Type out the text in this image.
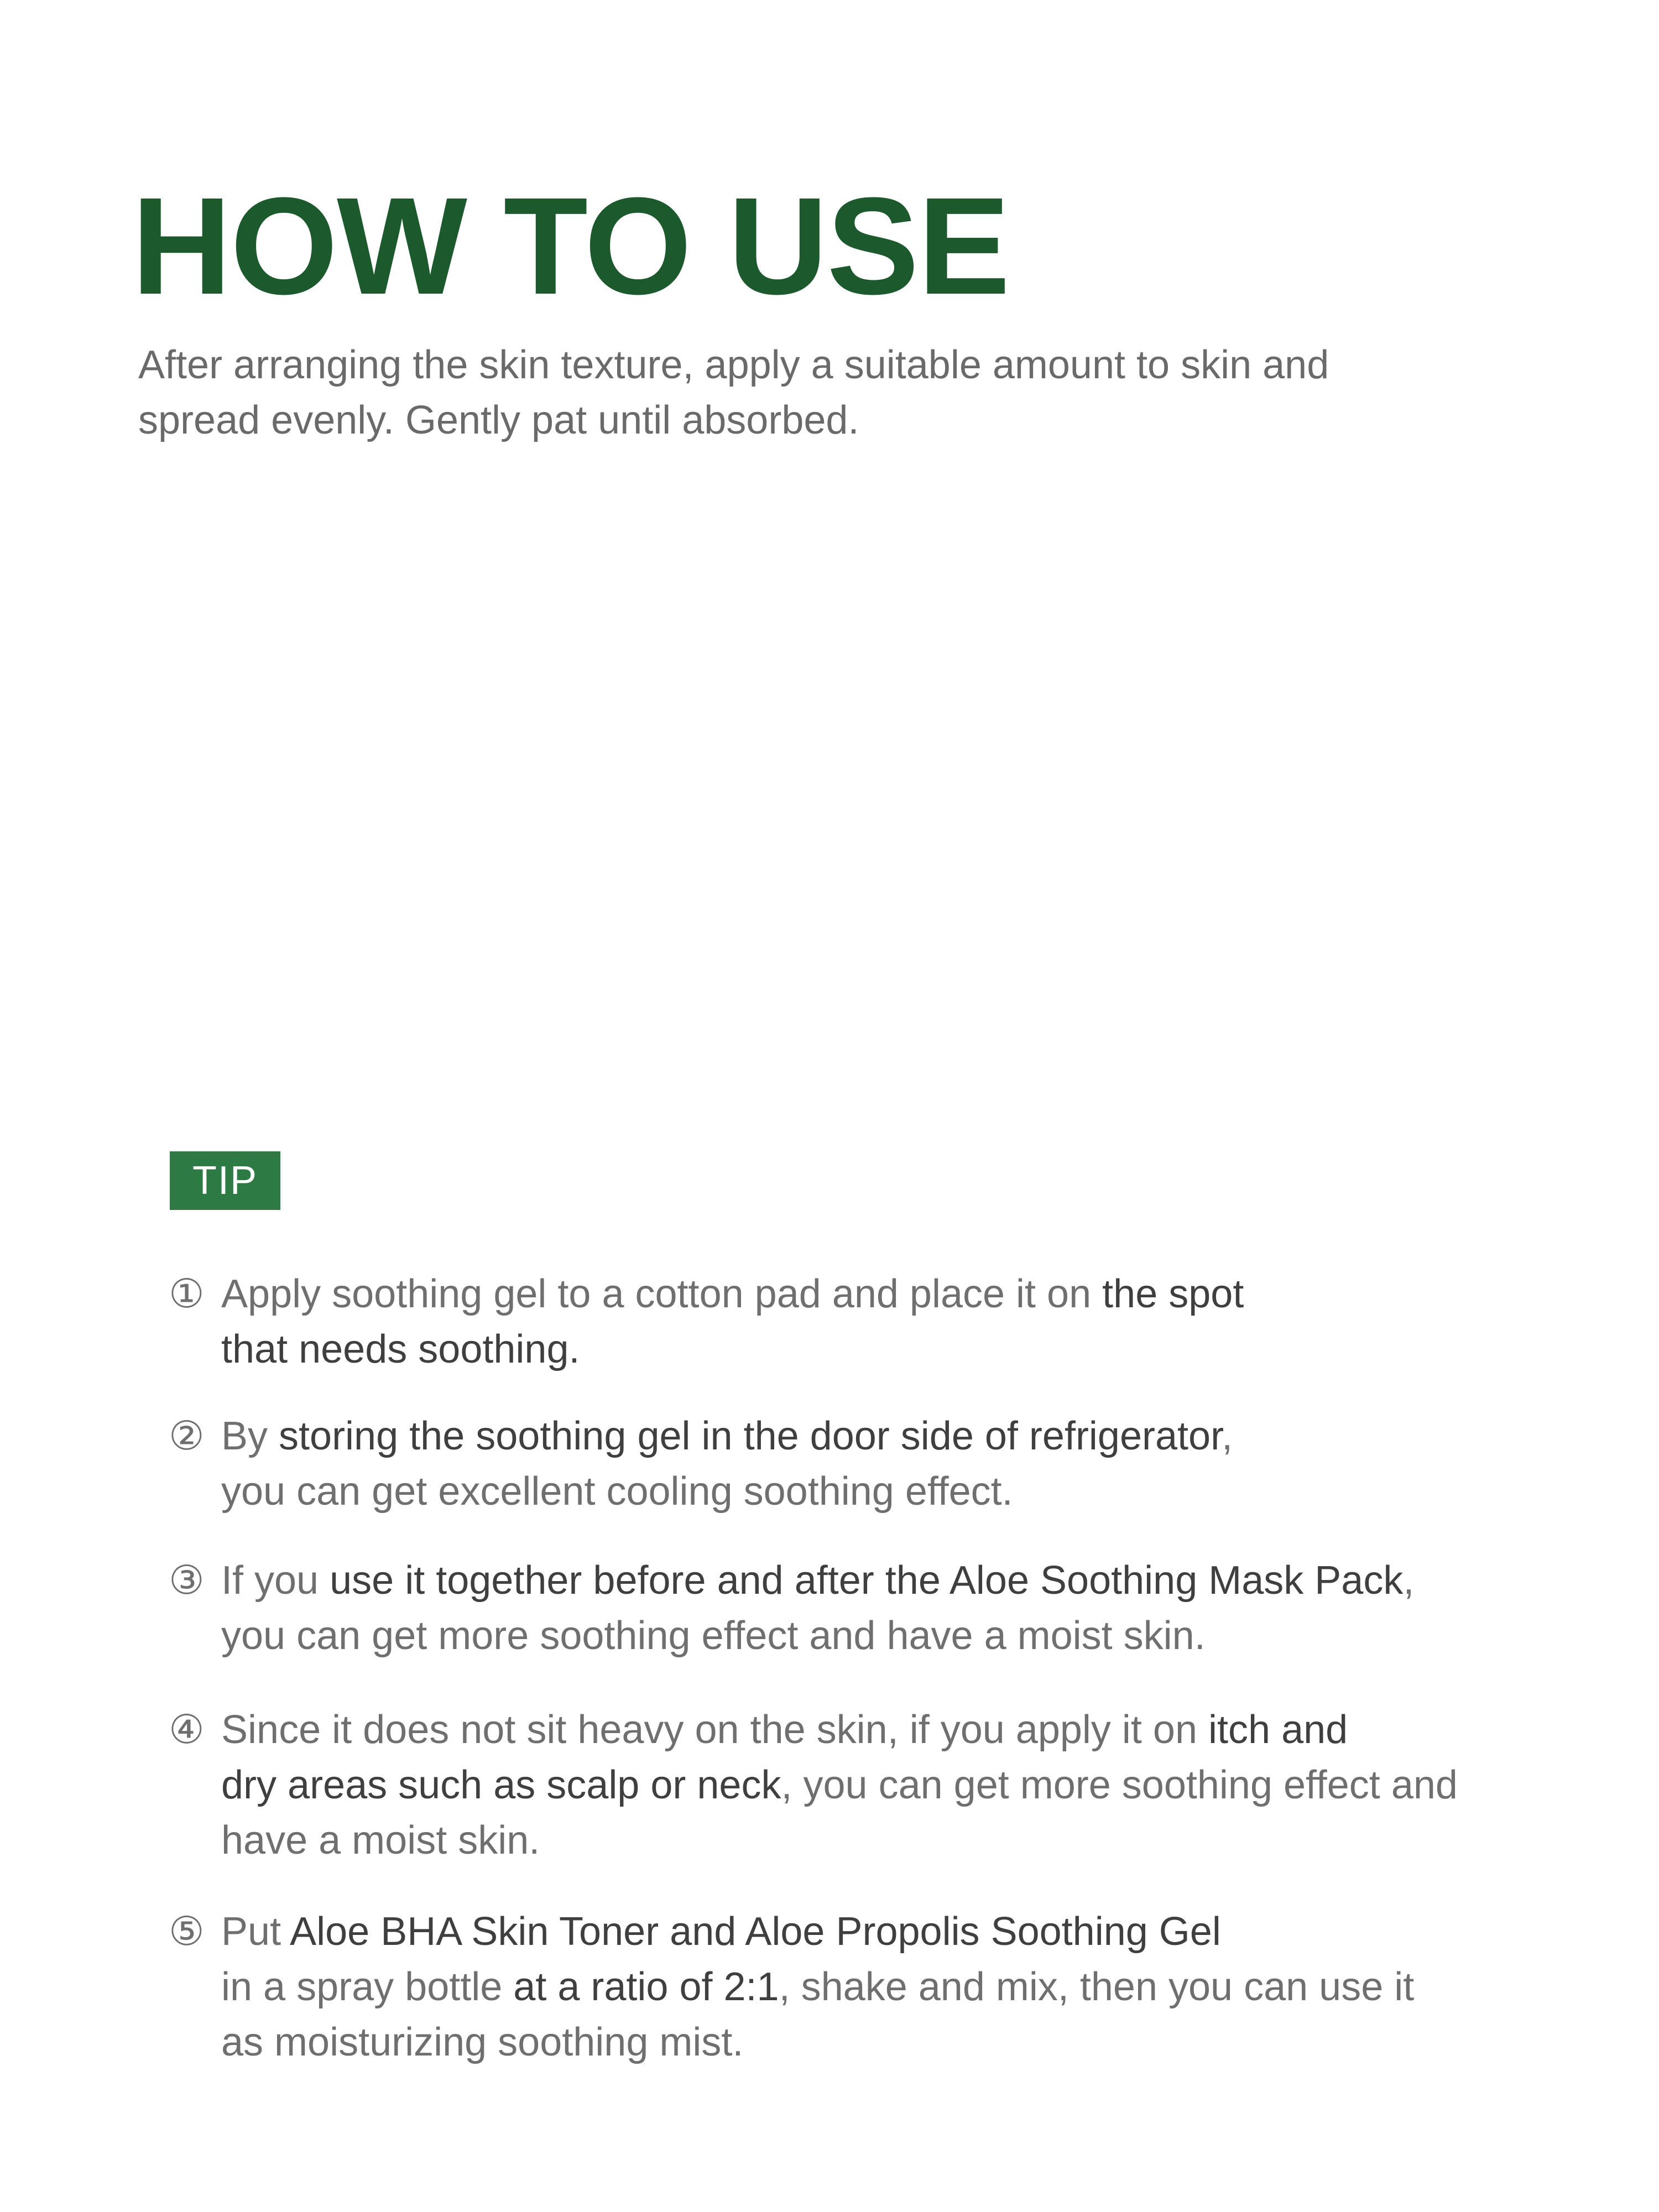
HOW TO USE

After arranging the skin texture, apply a suitable amount to skin and
spread evenly. Gently pat until absorbed.

TIP
① Apply soothing gel to a cotton pad and place it on the spot
that needs soothing.
② By storing the soothing gel in the door side of refrigerator,
you can get excellent cooling soothing effect.
③ If you use it together before and after the Aloe Soothing Mask Pack,
you can get more soothing effect and have a moist skin.
④ Since it does not sit heavy on the skin, if you apply it on itch and
dry areas such as scalp or neck, you can get more soothing effect and
have a moist skin.
⑤ Put Aloe BHA Skin Toner and Aloe Propolis Soothing Gel
in a spray bottle at a ratio of 2:1, shake and mix, then you can use it
as moisturizing soothing mist.
